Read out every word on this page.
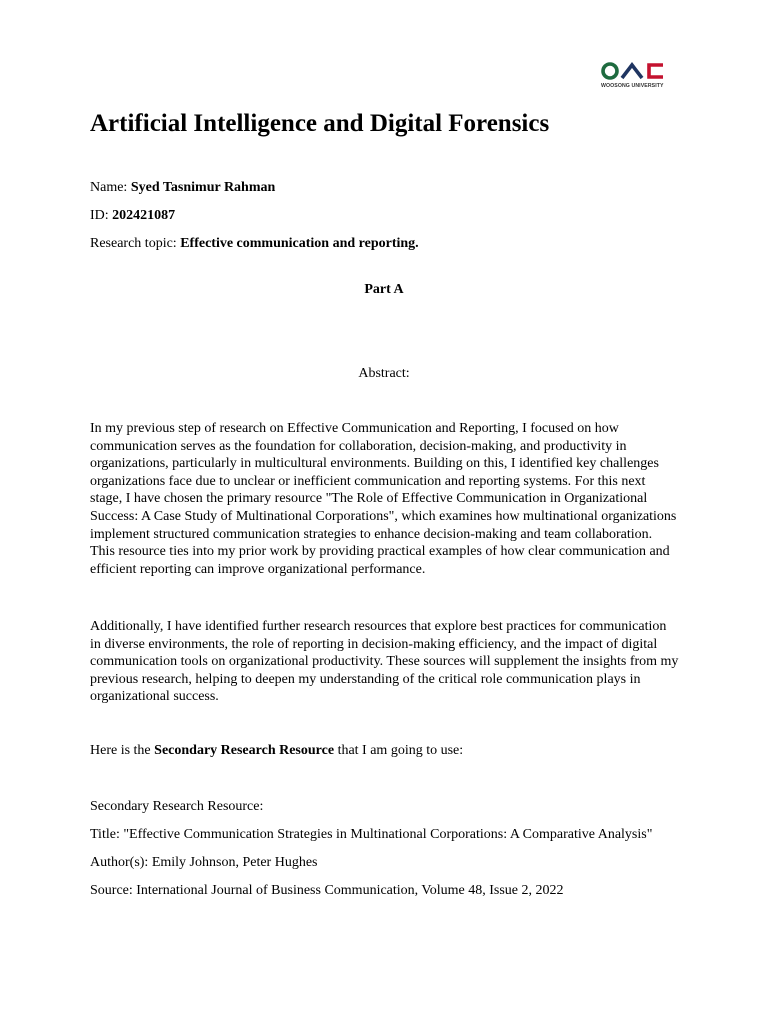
WOOSONG UNIVERSITY
Artificial Intelligence and Digital Forensics
Name: Syed Tasnimur Rahman
ID: 202421087
Research topic: Effective communication and reporting.
Part A
Abstract:

In my previous step of research on Effective Communication and Reporting, I focused on how communication serves as the foundation for collaboration, decision-making, and productivity in organizations, particularly in multicultural environments. Building on this, I identified key challenges organizations face due to unclear or inefficient communication and reporting systems. For this next stage, I have chosen the primary resource "The Role of Effective Communication in Organizational Success: A Case Study of Multinational Corporations", which examines how multinational organizations implement structured communication strategies to enhance decision-making and team collaboration. This resource ties into my prior work by providing practical examples of how clear communication and efficient reporting can improve organizational performance.

Additionally, I have identified further research resources that explore best practices for communication in diverse environments, the role of reporting in decision-making efficiency, and the impact of digital communication tools on organizational productivity. These sources will supplement the insights from my previous research, helping to deepen my understanding of the critical role communication plays in organizational success.

Here is the Secondary Research Resource that I am going to use:
Secondary Research Resource:
Title: "Effective Communication Strategies in Multinational Corporations: A Comparative Analysis"
Author(s): Emily Johnson, Peter Hughes
Source: International Journal of Business Communication, Volume 48, Issue 2, 2022
